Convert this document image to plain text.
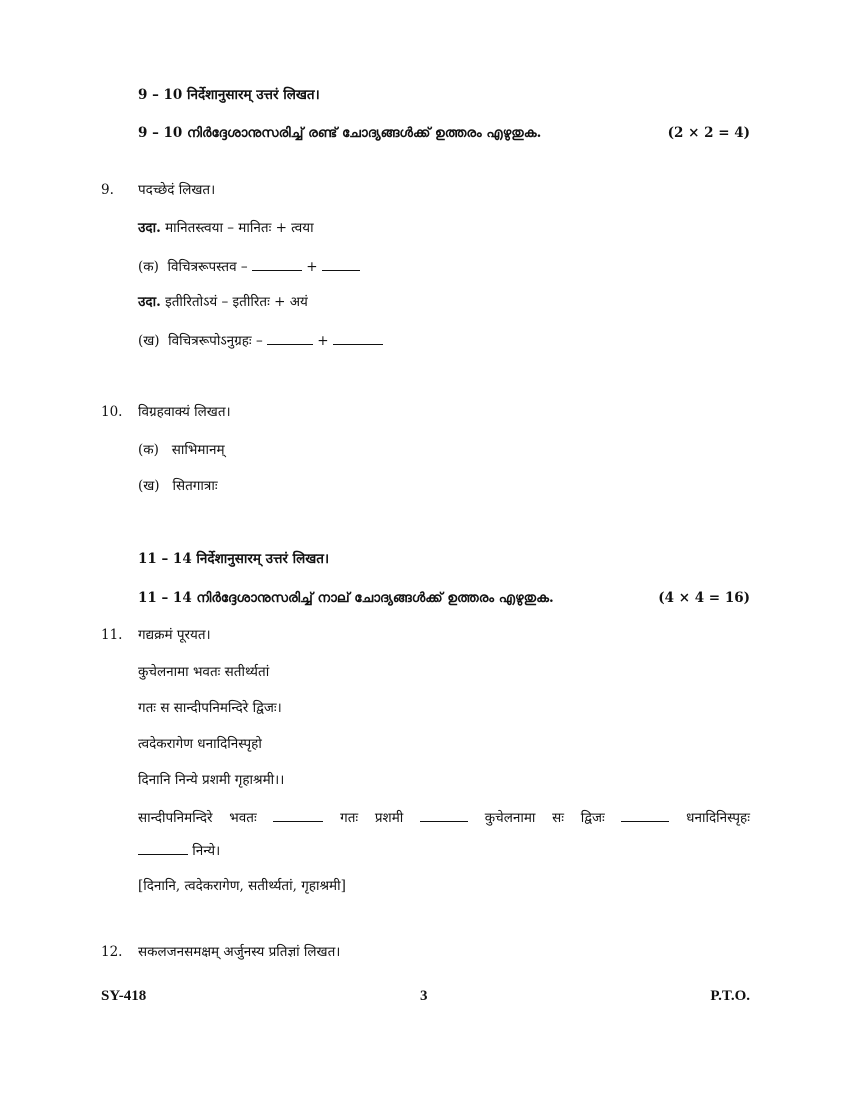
9 – 10 निर्देशानुसारम् उत्तरं लिखत।
9 – 10 നിർദ്ദേശാനുസരിച്ച് രണ്ട് ചോദ്യങ്ങൾക്ക് ഉത്തരം എഴുതുക.	(2 × 2 = 4)
9. पदच्छेदं लिखत।
उदा. मानितस्त्वया – मानितः + त्वया
(क) विचित्ररूपस्तव –	+
उदा. इतीरितोऽयं – इतीरितः + अयं
(ख) विचित्ररूपोऽनुग्रहः –	+
10. विग्रहवाक्यं लिखत।
(क) साभिमानम्
(ख) सितगात्राः
11 – 14 निर्देशानुसारम् उत्तरं लिखत।
11 – 14 നിർദ്ദേശാനുസരിച്ച് നാല് ചോദ്യങ്ങൾക്ക് ഉത്തരം എഴുതുക.	(4 × 4 = 16)
11. गद्यक्रमं पूरयत।
कुचेलनामा भवतः सतीर्थ्यतां
गतः स सान्दीपनिमन्दिरे द्विजः।
त्वदेकरागेण धनादिनिस्पृहो
दिनानि निन्ये प्रशमी गृहाश्रमी।।
सान्दीपनिमन्दिरे भवतः	गतः प्रशमी	कुचेलनामा सः द्विजः	धनादिनिस्पृहः
निन्ये।
[दिनानि, त्वदेकरागेण, सतीर्थ्यतां, गृहाश्रमी]
12. सकलजनसमक्षम् अर्जुनस्य प्रतिज्ञां लिखत।
SY-418	3	P.T.O.
